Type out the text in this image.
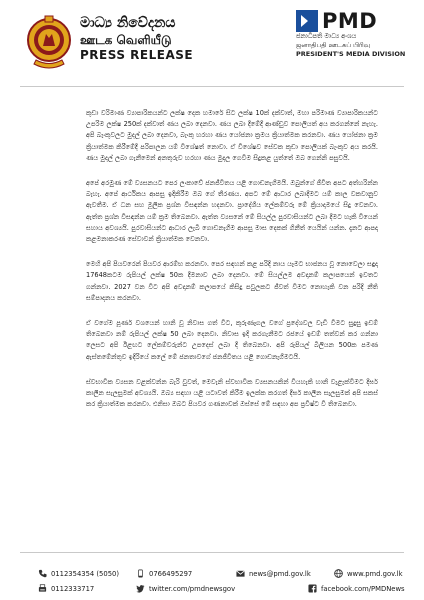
මාධ්‍ය නිවේදනය
ஊடக வெளியீடு
PRESS RELEASE
PMD
ජනාධිපති මාධ්‍ය අංශය
ஜனாதிபதி ஊடகப் பிரிவு
PRESIDENT'S MEDIA DIVISION

කුඩා වරිමාණ ව්‍යාපාරිකයන්ට ලක්ෂ දෙක හමාරේ සිට ලක්ෂ 10ක් දක්වාත්, මහා පරිමාණ ව්‍යාපාරිකයන්ට උපරිම ලක්ෂ 250ක් දක්වාත් ණය ලබා දෙනවා. ණය ලබා දීමේදී ආණ්ඩුව පොලියත් අය කරගන්නේ නැහැ. අපි බැංකුවලට මුදල් ලබා දෙනවා, බැංකු හරහා ණය යෝජනා ක්‍රමය ක්‍රියාත්මක කරනවා. ණය යෝජනා ක්‍රම ක්‍රියාත්මක කිරීමේදී පරිපාලන යම් විශේෂත් නොවා. ඒ විශේෂව සේවක කුඩා පොලියක් බැංකුව අය කරයි. ණය මුදල් ලබා ගැනීමෙන් අනතුරුව හරහා ණය මුදල ගෙවීම සිදුකළ යුත්තේ ඔබ ගෙන්නි පසුවයි.

අපේ අරමුණ මේ ව්‍යසනයට පෙර ලංකාවේ ජනජීවිතය යළි ගොඩනැගීමයි. ඔබුන්ගේ ජීවිත අපට අත්හරින්න බැහැ. අපේ ආර්ථිකය ආපසු ඉදිකිරීම ඔබ ගේ තීරණය. අපට මේ ආධාර ලබාදීමට යම් කාල වකවානුව ඇවතීම. ඒ ධන සහ මූලික ප්‍රශ්න විසඳන්න හදනවා. ප්‍රාදේශීය ලේකම්වරු මේ ක්‍රියාදාමයේ සිදු වෙනවා. ඇත්ත ප්‍රශ්න විසඳන්න යම් ක්‍රම තිබෙනවා. ඇත්ත ව්‍යසනේ මේ සියල්ල පුරවාසියන්ට ලබා දීමට හැකි වීයෙන් සහාය අවශ්‍යයි. පුරවාසියන්ට ආධාර ලැබී ගොඩනැගීම ආපසු මාස දෙකක් ගිනීත් යෙයින් යන්න. දැනට ආපදා කළමනාකරණ සේවාවන් ක්‍රියාත්මක වෙනවා.

මෙහි අපි පියවරෙන් පියවර ආරම්භ කරනවා. පෙර සඳහන් කළ පරිදි නාය යෑමට භාජනය වූ නොවෙලා සඳුදා 17648කටම රුපියල් ලක්ෂ 50ක දීමනාව ලබා දෙනවා. මේ සියල්ලම අවදානම් කලාපයෙන් ඉවතට ගන්නවා. 2027 වන විට අපි අවදානම් කලාපයේ කිසිදු පවුලකට ජීවත් වීමට නොහැකි වන පරිදි නීති සම්පාදනය කරනවා.

ඒ වගේම පූර්ණ වශයෙන් හානි වූ නිවාස ගත් විට, කුරුණෑගල වගේ ප්‍රදේශවල වැඩි වීමට සුදුසු ඉඩම් තිබෙනවා නම් රුපියල් ලක්ෂ 50 ලබා දෙනවා. නිවාස ඉදි කරගැනීමට රජයේ ඉඩම් තත්වන් කර ගන්නා ලෙසට අපි ඊළඟට ලේකම්වරුන්ට උපදෙස් ලබා දී තිබෙනවා. අපි රුපියල් බිලියන 500ක පමණ ඇස්තමේන්තුව ඉදිරියේ කලේ මේ ජනතාවගේ ජනජීවිතය යළි ගොඩනැගීමටයි.

ස්වභාවික ව්‍යසන වළක්වන්න බැරි වුවත්, මෙවැනි ස්වභාවික ව්‍යසනයකින් වියහැකි හානි වැළැක්වීමට දීර්ඝ කාලීන සැලසුමක් අවශ්‍යයි. ඔබ්‍ය සඳහා යළි යටාවත් කිරීම ඉලක්ක කරගත් දීර්ඝ කාලීන සැලසුමක් අපි සකස් කර ක්‍රියාත්මක කරනවා. එනිසා ඔබට පියවර ගණනාවක් ඔස්සේ මේ සඳහා අප ප්‍රවිෂ්ට වී තිබෙනවා.

0112354354 (5050)	0766495297	news@pmd.gov.lk	www.pmd.gov.lk
0112333717	twitter.com/pmdnewsgov	facebook.com/PMDNews
